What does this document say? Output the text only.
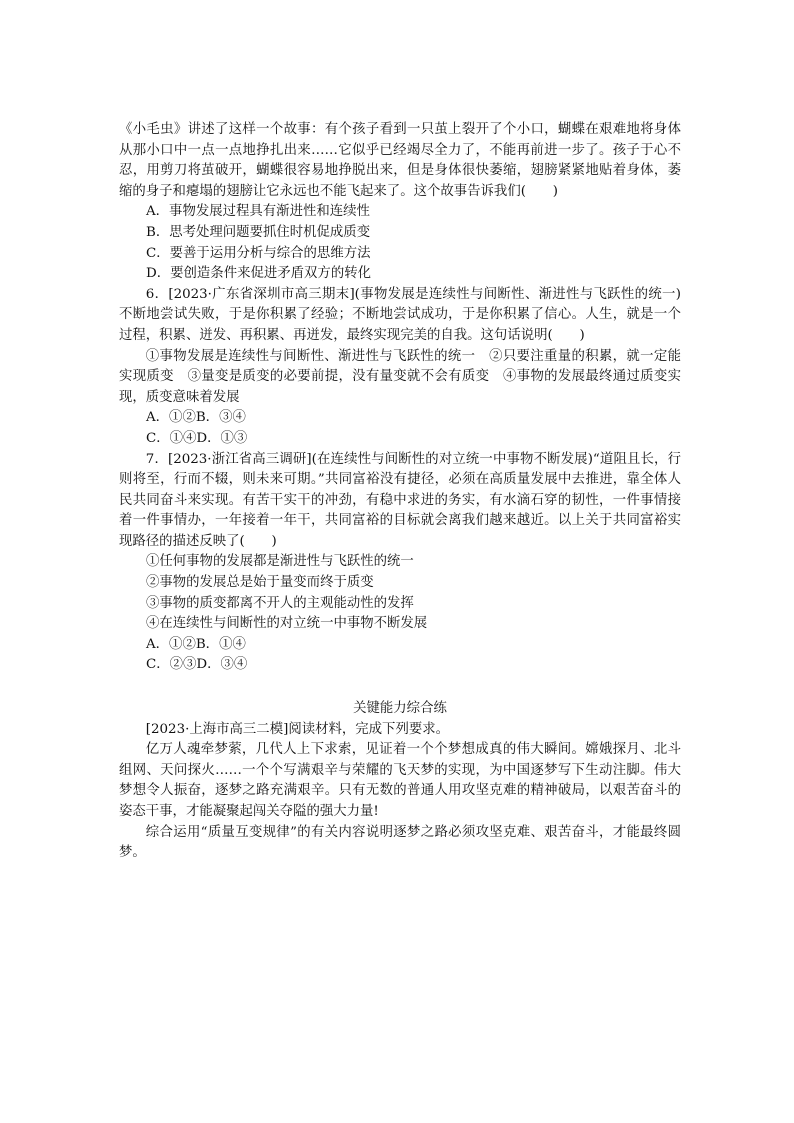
《小毛虫》讲述了这样一个故事：有个孩子看到一只茧上裂开了个小口，蝴蝶在艰难地将身体从那小口中一点一点地挣扎出来……它似乎已经竭尽全力了，不能再前进一步了。孩子于心不忍，用剪刀将茧破开，蝴蝶很容易地挣脱出来，但是身体很快萎缩，翅膀紧紧地贴着身体，萎缩的身子和瘪塌的翅膀让它永远也不能飞起来了。这个故事告诉我们(　　)

A．事物发展过程具有渐进性和连续性

B．思考处理问题要抓住时机促成质变

C．要善于运用分析与综合的思维方法

D．要创造条件来促进矛盾双方的转化

6．[2023·广东省深圳市高三期末](事物发展是连续性与间断性、渐进性与飞跃性的统一)不断地尝试失败，于是你积累了经验；不断地尝试成功，于是你积累了信心。人生，就是一个过程，积累、迸发、再积累、再迸发，最终实现完美的自我。这句话说明(　　)

①事物发展是连续性与间断性、渐进性与飞跃性的统一　②只要注重量的积累，就一定能实现质变　③量变是质变的必要前提，没有量变就不会有质变　④事物的发展最终通过质变实现，质变意味着发展

A．①②B．③④

C．①④D．①③

7．[2023·浙江省高三调研](在连续性与间断性的对立统一中事物不断发展)“道阻且长，行则将至，行而不辍，则未来可期。”共同富裕没有捷径，必须在高质量发展中去推进，靠全体人民共同奋斗来实现。有苦干实干的冲劲，有稳中求进的务实，有水滴石穿的韧性，一件事情接着一件事情办，一年接着一年干，共同富裕的目标就会离我们越来越近。以上关于共同富裕实现路径的描述反映了(　　)

①任何事物的发展都是渐进性与飞跃性的统一

②事物的发展总是始于量变而终于质变

③事物的质变都离不开人的主观能动性的发挥

④在连续性与间断性的对立统一中事物不断发展

A．①②B．①④

C．②③D．③④

关键能力综合练

[2023·上海市高三二模]阅读材料，完成下列要求。

亿万人魂牵梦萦，几代人上下求索，见证着一个个梦想成真的伟大瞬间。嫦娥探月、北斗组网、天问探火……一个个写满艰辛与荣耀的飞天梦的实现，为中国逐梦写下生动注脚。伟大梦想令人振奋，逐梦之路充满艰辛。只有无数的普通人用攻坚克难的精神破局，以艰苦奋斗的姿态干事，才能凝聚起闯关夺隘的强大力量!

综合运用“质量互变规律”的有关内容说明逐梦之路必须攻坚克难、艰苦奋斗，才能最终圆梦。
